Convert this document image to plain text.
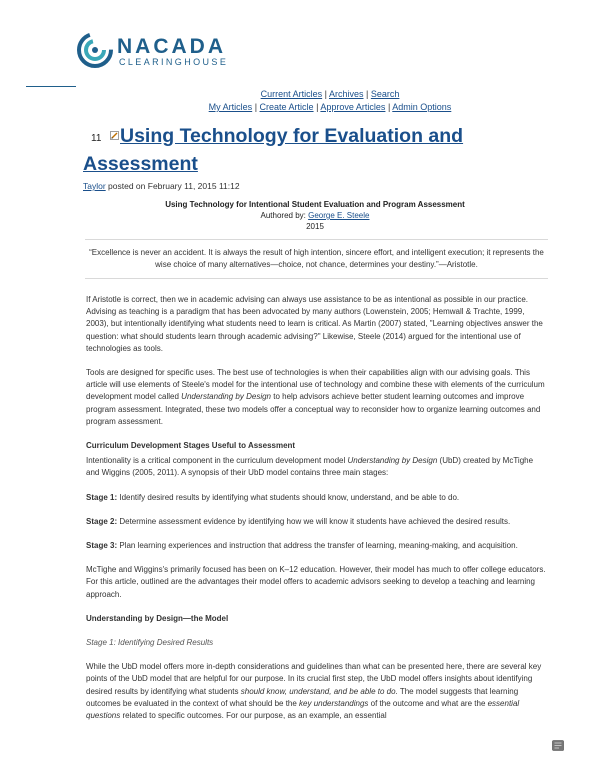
NACADA
CLEARINGHOUSE
Current Articles | Archives | Search
My Articles | Create Article | Approve Articles | Admin Options
11 Using Technology for Evaluation and Assessment
Taylor posted on February 11, 2015 11:12
Using Technology for Intentional Student Evaluation and Program Assessment
Authored by: George E. Steele
2015
“Excellence is never an accident. It is always the result of high intention, sincere effort, and intelligent execution; it represents the wise choice of many alternatives—choice, not chance, determines your destiny.”—Aristotle.

If Aristotle is correct, then we in academic advising can always use assistance to be as intentional as possible in our practice. Advising as teaching is a paradigm that has been advocated by many authors (Lowenstein, 2005; Hemwall & Trachte, 1999, 2003), but intentionally identifying what students need to learn is critical. As Martin (2007) stated, "Learning objectives answer the question: what should students learn through academic advising?" Likewise, Steele (2014) argued for the intentional use of technologies as tools.

Tools are designed for specific uses. The best use of technologies is when their capabilities align with our advising goals. This article will use elements of Steele's model for the intentional use of technology and combine these with elements of the curriculum development model called Understanding by Design to help advisors achieve better student learning outcomes and improve program assessment. Integrated, these two models offer a conceptual way to reconsider how to organize learning outcomes and program assessment.

Curriculum Development Stages Useful to Assessment

Intentionality is a critical component in the curriculum development model Understanding by Design (UbD) created by McTighe and Wiggins (2005, 2011). A synopsis of their UbD model contains three main stages:

Stage 1: Identify desired results by identifying what students should know, understand, and be able to do.

Stage 2: Determine assessment evidence by identifying how we will know it students have achieved the desired results.

Stage 3: Plan learning experiences and instruction that address the transfer of learning, meaning-making, and acquisition.

McTighe and Wiggins's primarily focused has been on K–12 education. However, their model has much to offer college educators. For this article, outlined are the advantages their model offers to academic advisors seeking to develop a teaching and learning approach.

Understanding by Design—the Model

Stage 1: Identifying Desired Results

While the UbD model offers more in-depth considerations and guidelines than what can be presented here, there are several key points of the UbD model that are helpful for our purpose. In its crucial first step, the UbD model offers insights about identifying desired results by identifying what students should know, understand, and be able to do. The model suggests that learning outcomes be evaluated in the context of what should be the key understandings of the outcome and what are the essential questions related to specific outcomes. For our purpose, as an example, an essential
